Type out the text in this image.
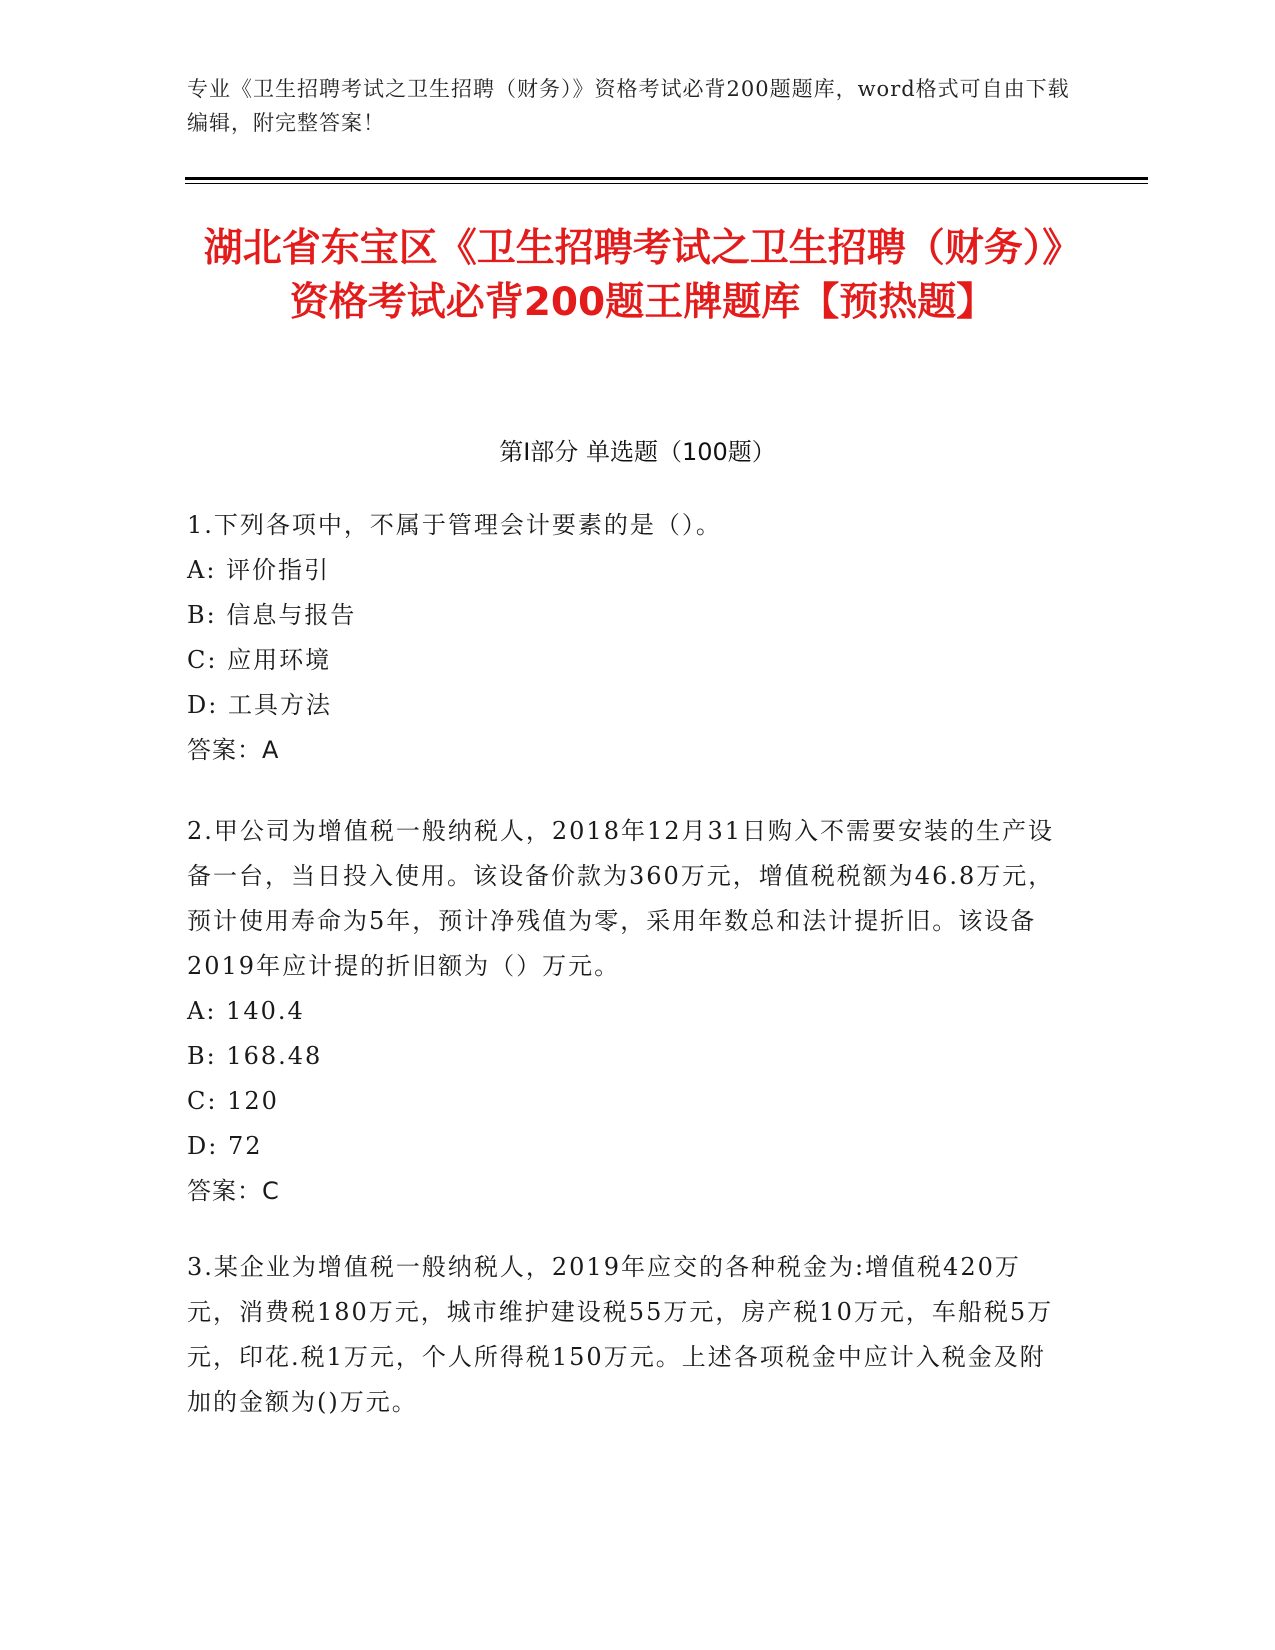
专业《卫生招聘考试之卫生招聘（财务）》资格考试必背200题题库，word格式可自由下载编辑，附完整答案！
湖北省东宝区《卫生招聘考试之卫生招聘（财务）》资格考试必背200题王牌题库【预热题】
第I部分 单选题（100题）
1.下列各项中，不属于管理会计要素的是（）。
A: 评价指引
B: 信息与报告
C: 应用环境
D: 工具方法
答案：A
2.甲公司为增值税一般纳税人，2018年12月31日购入不需要安装的生产设备一台，当日投入使用。该设备价款为360万元，增值税税额为46.8万元，预计使用寿命为5年，预计净残值为零，采用年数总和法计提折旧。该设备2019年应计提的折旧额为（）万元。
A: 140.4
B: 168.48
C: 120
D: 72
答案：C
3.某企业为增值税一般纳税人，2019年应交的各种税金为:增值税420万元，消费税180万元，城市维护建设税55万元，房产税10万元，车船税5万元，印花.税1万元，个人所得税150万元。上述各项税金中应计入税金及附加的金额为()万元。
